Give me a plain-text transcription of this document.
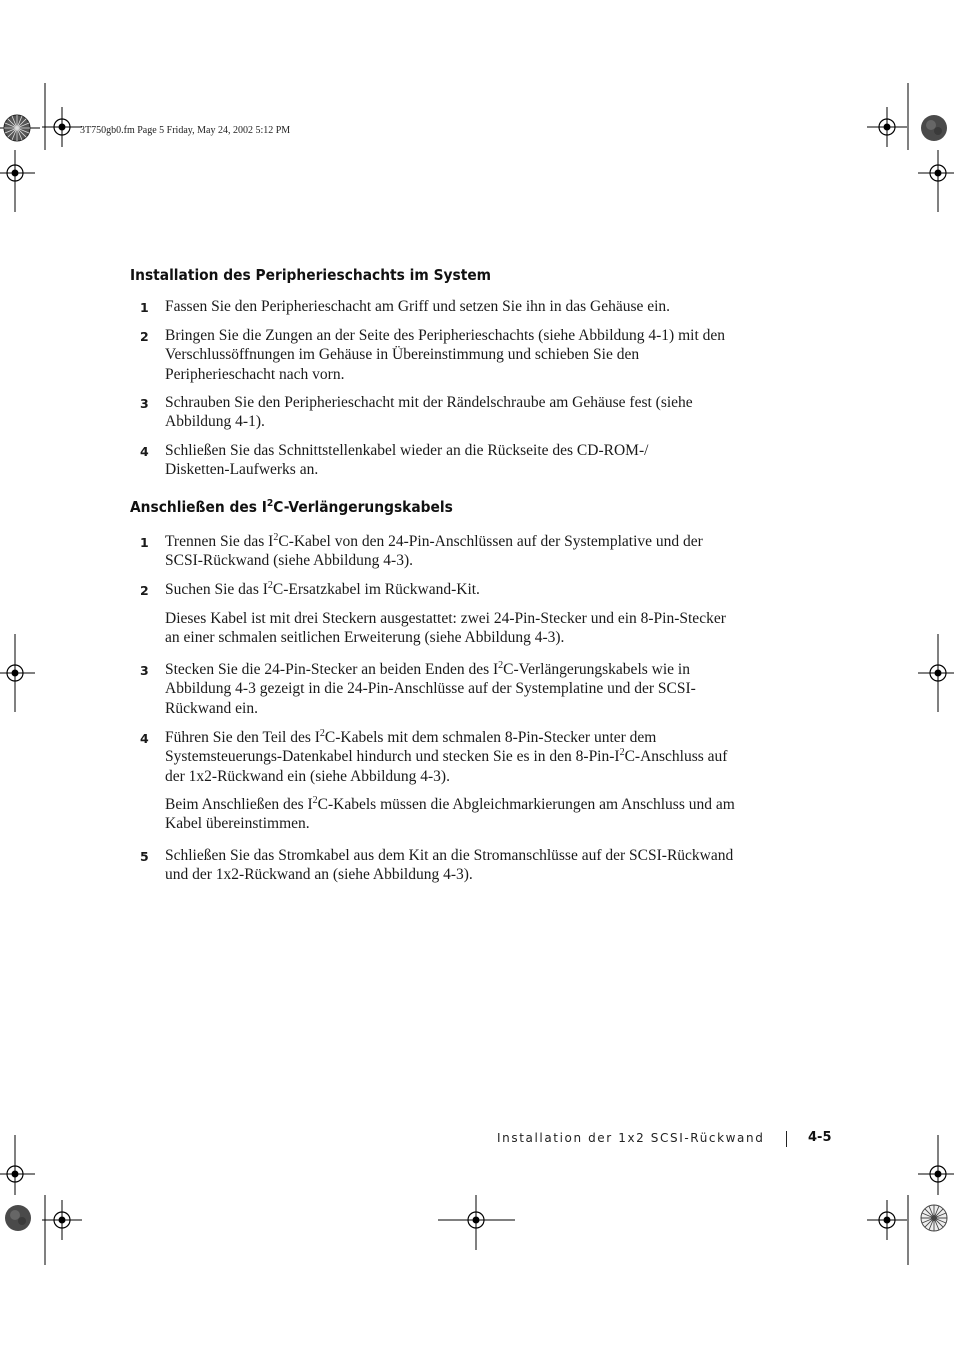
3T750gb0.fm Page 5 Friday, May 24, 2002 5:12 PM
Installation des Peripherieschachts im System
1 Fassen Sie den Peripherieschacht am Griff und setzen Sie ihn in das Gehäuse ein.
2 Bringen Sie die Zungen an der Seite des Peripherieschachts (siehe Abbildung 4-1) mit den Verschlussöffnungen im Gehäuse in Übereinstimmung und schieben Sie den Peripherieschacht nach vorn.
3 Schrauben Sie den Peripherieschacht mit der Rändelschraube am Gehäuse fest (siehe Abbildung 4-1).
4 Schließen Sie das Schnittstellenkabel wieder an die Rückseite des CD-ROM-/
Disketten-Laufwerks an.
Anschließen des $I^2C$-Verlängerungskabels
1 Trennen Sie das $I^2C$-Kabel von den 24-Pin-Anschlüssen auf der Systemplative und der SCSI-Rückwand (siehe Abbildung 4-3).
2 Suchen Sie das $I^2C$-Ersatzkabel im Rückwand-Kit.
Dieses Kabel ist mit drei Steckern ausgestattet: zwei 24-Pin-Stecker und ein 8-Pin-Stecker an einer schmalen seitlichen Erweiterung (siehe Abbildung 4-3).
3 Stecken Sie die 24-Pin-Stecker an beiden Enden des $I^2C$-Verlängerungskabels wie in Abbildung 4-3 gezeigt in die 24-Pin-Anschlüsse auf der Systemplatine und der SCSI-Rückwand ein.
4 Führen Sie den Teil des $I^2C$-Kabels mit dem schmalen 8-Pin-Stecker unter dem Systemsteuerungs-Datenkabel hindurch und stecken Sie es in den $8-Pin-I^2C$-Anschluss auf der 1x2-Rückwand ein (siehe Abbildung 4-3).
Beim Anschließen des $I^2C$-Kabels müssen die Abgleichmarkierungen am Anschluss und am Kabel übereinstimmen.
5 Schließen Sie das Stromkabel aus dem Kit an die Stromanschlüsse auf der SCSI-Rückwand und der 1x2-Rückwand an (siehe Abbildung 4-3).
Installation der 1x2 SCSI-Rückwand	4-5
